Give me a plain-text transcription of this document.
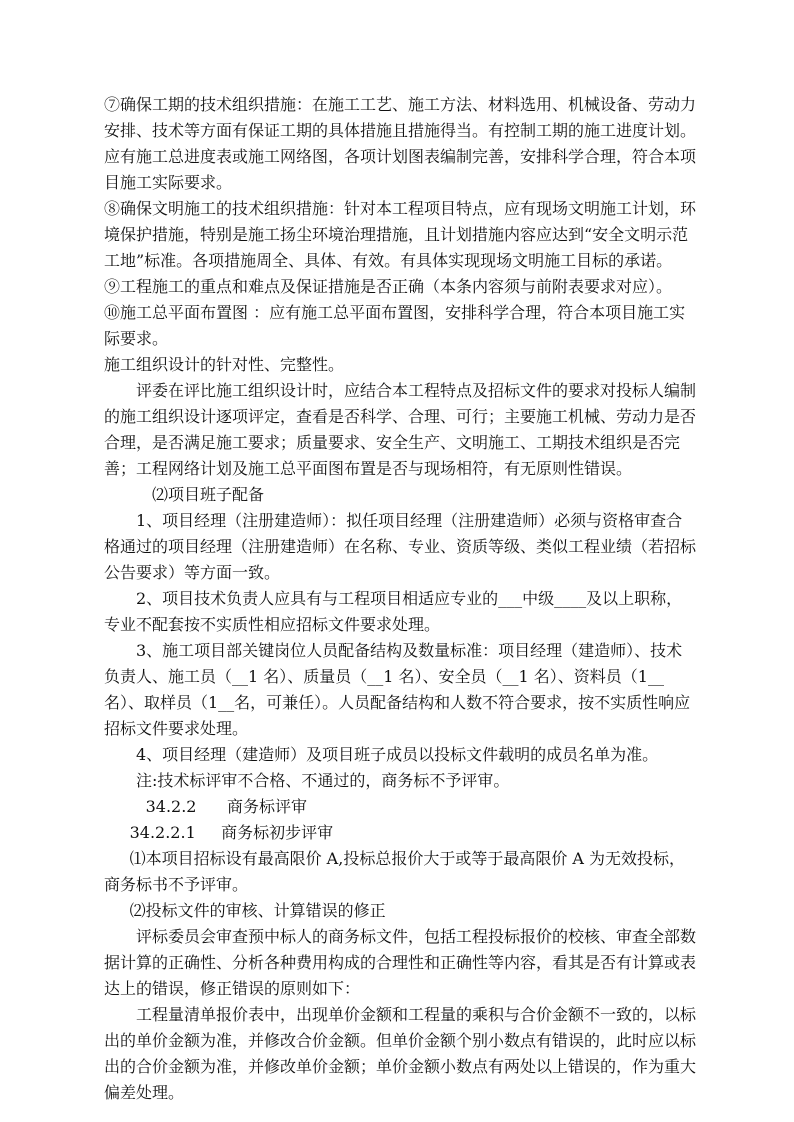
⑦确保工期的技术组织措施：在施工工艺、施工方法、材料选用、机械设备、劳动力安排、技术等方面有保证工期的具体措施且措施得当。有控制工期的施工进度计划。应有施工总进度表或施工网络图，各项计划图表编制完善，安排科学合理，符合本项目施工实际要求。

⑧确保文明施工的技术组织措施：针对本工程项目特点，应有现场文明施工计划，环境保护措施，特别是施工扬尘环境治理措施，且计划措施内容应达到“安全文明示范工地”标准。各项措施周全、具体、有效。有具体实现现场文明施工目标的承诺。

⑨工程施工的重点和难点及保证措施是否正确（本条内容须与前附表要求对应）。

⑩施工总平面布置图 ：应有施工总平面布置图，安排科学合理，符合本项目施工实际要求。

施工组织设计的针对性、完整性。

评委在评比施工组织设计时，应结合本工程特点及招标文件的要求对投标人编制的施工组织设计逐项评定，查看是否科学、合理、可行；主要施工机械、劳动力是否合理，是否满足施工要求；质量要求、安全生产、文明施工、工期技术组织是否完善；工程网络计划及施工总平面图布置是否与现场相符，有无原则性错误。

⑵项目班子配备

1、项目经理（注册建造师）：拟任项目经理（注册建造师）必须与资格审查合格通过的项目经理（注册建造师）在名称、专业、资质等级、类似工程业绩（若招标公告要求）等方面一致。

2、项目技术负责人应具有与工程项目相适应专业的___中级____及以上职称，专业不配套按不实质性相应招标文件要求处理。

3、施工项目部关键岗位人员配备结构及数量标准：项目经理（建造师）、技术负责人、施工员（__1 名）、质量员（__1 名）、安全员（__1 名）、资料员（1__名）、取样员（1__名，可兼任）。人员配备结构和人数不符合要求，按不实质性响应招标文件要求处理。

4、项目经理（建造师）及项目班子成员以投标文件载明的成员名单为准。

注:技术标评审不合格、不通过的，商务标不予评审。

34.2.2      商务标评审

34.2.2.1     商务标初步评审

⑴本项目招标设有最高限价 A,投标总报价大于或等于最高限价 A 为无效投标，商务标书不予评审。

⑵投标文件的审核、计算错误的修正

评标委员会审查预中标人的商务标文件，包括工程投标报价的校核、审查全部数据计算的正确性、分析各种费用构成的合理性和正确性等内容，看其是否有计算或表达上的错误，修正错误的原则如下：

工程量清单报价表中，出现单价金额和工程量的乘积与合价金额不一致的，以标出的单价金额为准，并修改合价金额。但单价金额个别小数点有错误的，此时应以标出的合价金额为准，并修改单价金额；单价金额小数点有两处以上错误的，作为重大偏差处理。
